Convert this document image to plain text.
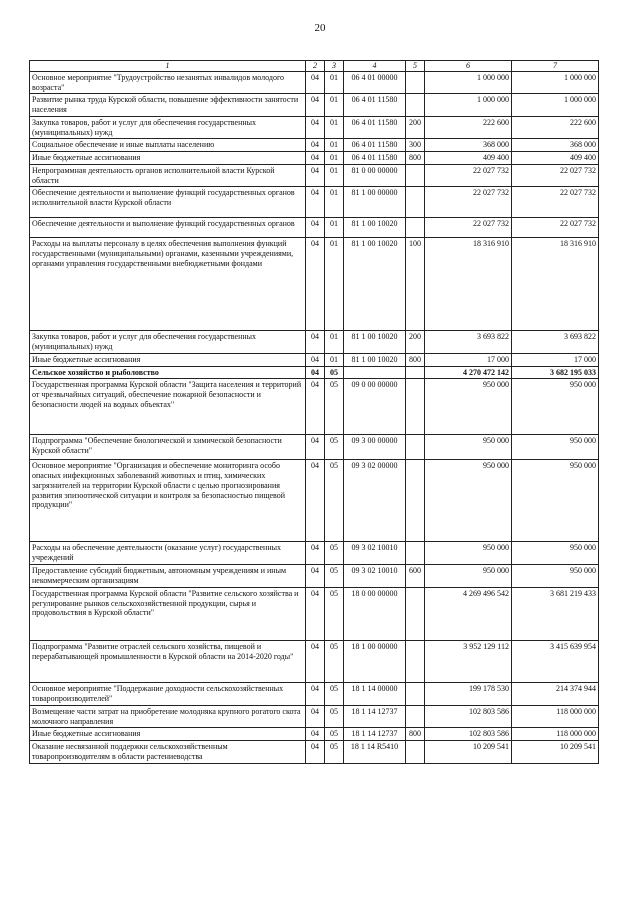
20
1	2	3	4	5	6	7
Основное мероприятие "Трудоустройство незанятых инвалидов молодого возраста"	04	01	06 4 01 00000		1 000 000	1 000 000
Развитие рынка труда Курской области, повышение эффективности занятости населения	04	01	06 4 01 11580		1 000 000	1 000 000
Закупка товаров, работ и услуг для обеспечения государственных (муниципальных) нужд	04	01	06 4 01 11580	200	222 600	222 600
Социальное обеспечение и иные выплаты населению	04	01	06 4 01 11580	300	368 000	368 000
Иные бюджетные ассигнования	04	01	06 4 01 11580	800	409 400	409 400
Непрограммная деятельность органов исполнительной власти Курской области	04	01	81 0 00 00000		22 027 732	22 027 732
Обеспечение деятельности и выполнение функций государственных органов исполнительной власти Курской области	04	01	81 1 00 00000		22 027 732	22 027 732
Обеспечение деятельности и выполнение функций государственных органов	04	01	81 1 00 10020		22 027 732	22 027 732
Расходы на выплаты персоналу в целях обеспечения выполнения функций государственными (муниципальными) органами, казенными учреждениями, органами управления государственными внебюджетными фондами	04	01	81 1 00 10020	100	18 316 910	18 316 910
Закупка товаров, работ и услуг для обеспечения государственных (муниципальных) нужд	04	01	81 1 00 10020	200	3 693 822	3 693 822
Иные бюджетные ассигнования	04	01	81 1 00 10020	800	17 000	17 000
Сельское хозяйство и рыболовство	04	05			4 270 472 142	3 682 195 033
Государственная программа Курской области "Защита населения и территорий от чрезвычайных ситуаций, обеспечение пожарной безопасности и безопасности людей на водных объектах"	04	05	09 0 00 00000		950 000	950 000
Подпрограмма "Обеспечение биологической и химической безопасности Курской области"	04	05	09 3 00 00000		950 000	950 000
Основное мероприятие "Организация и обеспечение мониторинга особо опасных инфекционных заболеваний животных и птиц, химических загрязнителей на территории Курской области с целью прогнозирования развития эпизоотической ситуации и контроля за безопасностью пищевой продукции"	04	05	09 3 02 00000		950 000	950 000
Расходы на обеспечение деятельности (оказание услуг) государственных учреждений	04	05	09 3 02 10010		950 000	950 000
Предоставление субсидий бюджетным, автономным учреждениям и иным некоммерческим организациям	04	05	09 3 02 10010	600	950 000	950 000
Государственная программа Курской области "Развитие сельского хозяйства и регулирование рынков сельскохозяйственной продукции, сырья и продовольствия в Курской области"	04	05	18 0 00 00000		4 269 496 542	3 681 219 433
Подпрограмма "Развитие отраслей сельского хозяйства, пищевой и перерабатывающей промышленности в Курской области на 2014-2020 годы"	04	05	18 1 00 00000		3 952 129 112	3 415 639 954
Основное мероприятие "Поддержание доходности сельскохозяйственных товаропроизводителей"	04	05	18 1 14 00000		199 178 530	214 374 944
Возмещение части затрат на приобретение молодняка крупного рогатого скота молочного направления	04	05	18 1 14 12737		102 803 586	118 000 000
Иные бюджетные ассигнования	04	05	18 1 14 12737	800	102 803 586	118 000 000
Оказание несвязанной поддержки сельскохозяйственным товаропроизводителям в области растениеводства	04	05	18 1 14 R5410		10 209 541	10 209 541
